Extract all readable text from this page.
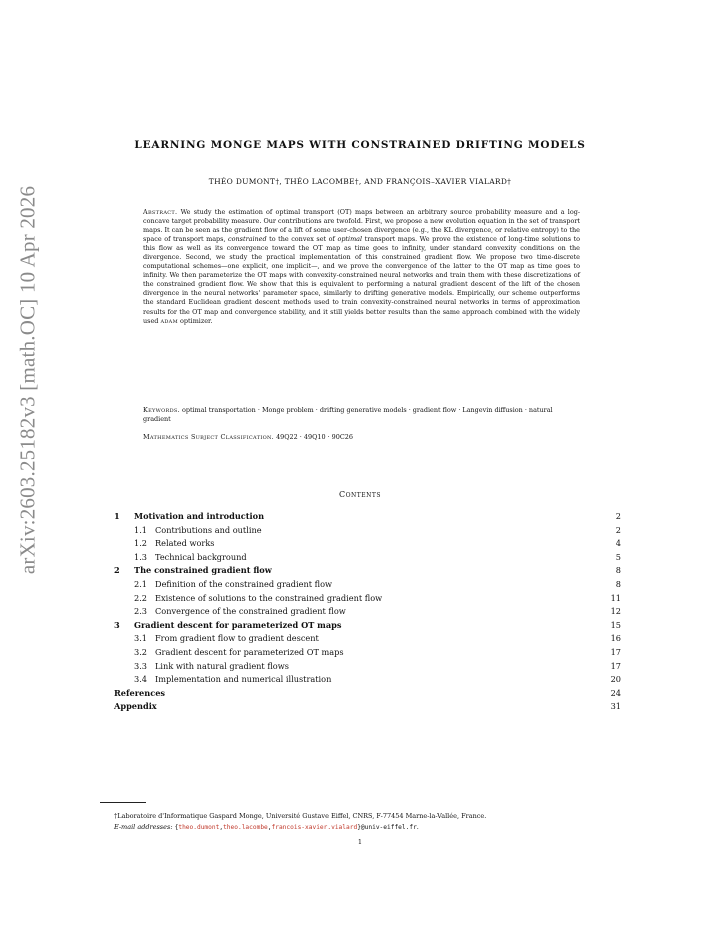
arXiv:2603.25182v3 [math.OC] 10 Apr 2026
LEARNING MONGE MAPS WITH CONSTRAINED DRIFTING MODELS
THÉO DUMONT†, THÉO LACOMBE†, AND FRANÇOIS–XAVIER VIALARD†
Abstract. We study the estimation of optimal transport (OT) maps between an arbitrary source probability measure and a log-concave target probability measure. Our contributions are twofold. First, we propose a new evolution equation in the set of transport maps. It can be seen as the gradient flow of a lift of some user-chosen divergence (e.g., the KL divergence, or relative entropy) to the space of transport maps, constrained to the convex set of optimal transport maps. We prove the existence of long-time solutions to this flow as well as its convergence toward the OT map as time goes to infinity, under standard convexity conditions on the divergence. Second, we study the practical implementation of this constrained gradient flow. We propose two time-discrete computational schemes—one explicit, one implicit—, and we prove the convergence of the latter to the OT map as time goes to infinity. We then parameterize the OT maps with convexity-constrained neural networks and train them with these discretizations of the constrained gradient flow. We show that this is equivalent to performing a natural gradient descent of the lift of the chosen divergence in the neural networks' parameter space, similarly to drifting generative models. Empirically, our scheme outperforms the standard Euclidean gradient descent methods used to train convexity-constrained neural networks in terms of approximation results for the OT map and convergence stability, and it still yields better results than the same approach combined with the widely used adam optimizer.
Keywords. optimal transportation · Monge problem · drifting generative models · gradient flow · Langevin diffusion · natural gradient
Mathematics Subject Classification. 49Q22 · 49Q10 · 90C26
Contents
1 Motivation and introduction	2
1.1 Contributions and outline	2
1.2 Related works	4
1.3 Technical background	5
2 The constrained gradient flow	8
2.1 Definition of the constrained gradient flow	8
2.2 Existence of solutions to the constrained gradient flow	11
2.3 Convergence of the constrained gradient flow	12
3 Gradient descent for parameterized OT maps	15
3.1 From gradient flow to gradient descent	16
3.2 Gradient descent for parameterized OT maps	17
3.3 Link with natural gradient flows	17
3.4 Implementation and numerical illustration	20
References	24
Appendix	31
†Laboratoire d'Informatique Gaspard Monge, Université Gustave Eiffel, CNRS, F-77454 Marne-la-Vallée, France.
E-mail addresses: {theo.dumont,theo.lacombe,francois-xavier.vialard}@univ-eiffel.fr.
1
